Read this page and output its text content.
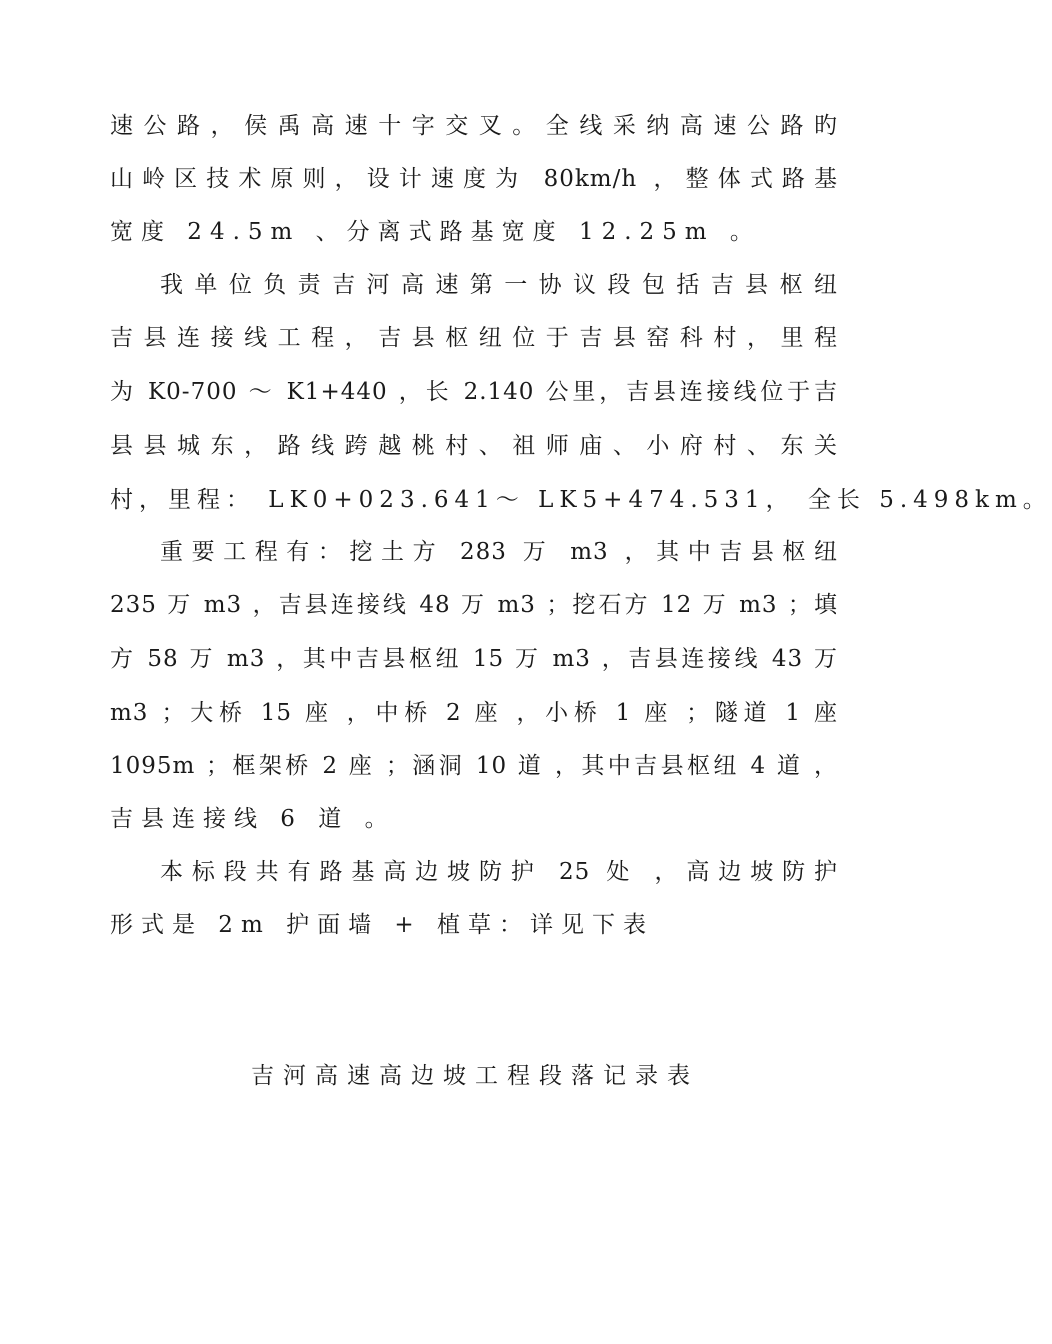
速公路，侯禹高速十字交叉。全线采纳高速公路旳
山岭区技术原则，设计速度为 80km/h ，整体式路基
宽度 24.5m 、分离式路基宽度 12.25m 。
我单位负责吉河高速第一协议段包括吉县枢纽
吉县连接线工程，吉县枢纽位于吉县窑科村，里程
为 K0-700 ～ K1+440 ，长 2.140 公里，吉县连接线位于吉
县县城东，路线跨越桃村、祖师庙、小府村、东关
村，里程： LK0+023.641～ LK5+474.531， 全长 5.498km。
重要工程有：挖土方 283 万 m3 ，其中吉县枢纽
235 万 m3 ，吉县连接线 48 万 m3 ；挖石方 12 万 m3 ；填
方 58 万 m3 ，其中吉县枢纽 15 万 m3 ，吉县连接线 43 万
m3 ；大桥 15 座 ，中桥 2 座 ，小桥 1 座 ；隧道 1 座
1095m ；框架桥 2 座 ；涵洞 10 道 ，其中吉县枢纽 4 道 ，
吉县连接线 6 道 。
本标段共有路基高边坡防护 25 处 ，高边坡防护
形式是 2m 护面墙 + 植草：详见下表
吉河高速高边坡工程段落记录表
